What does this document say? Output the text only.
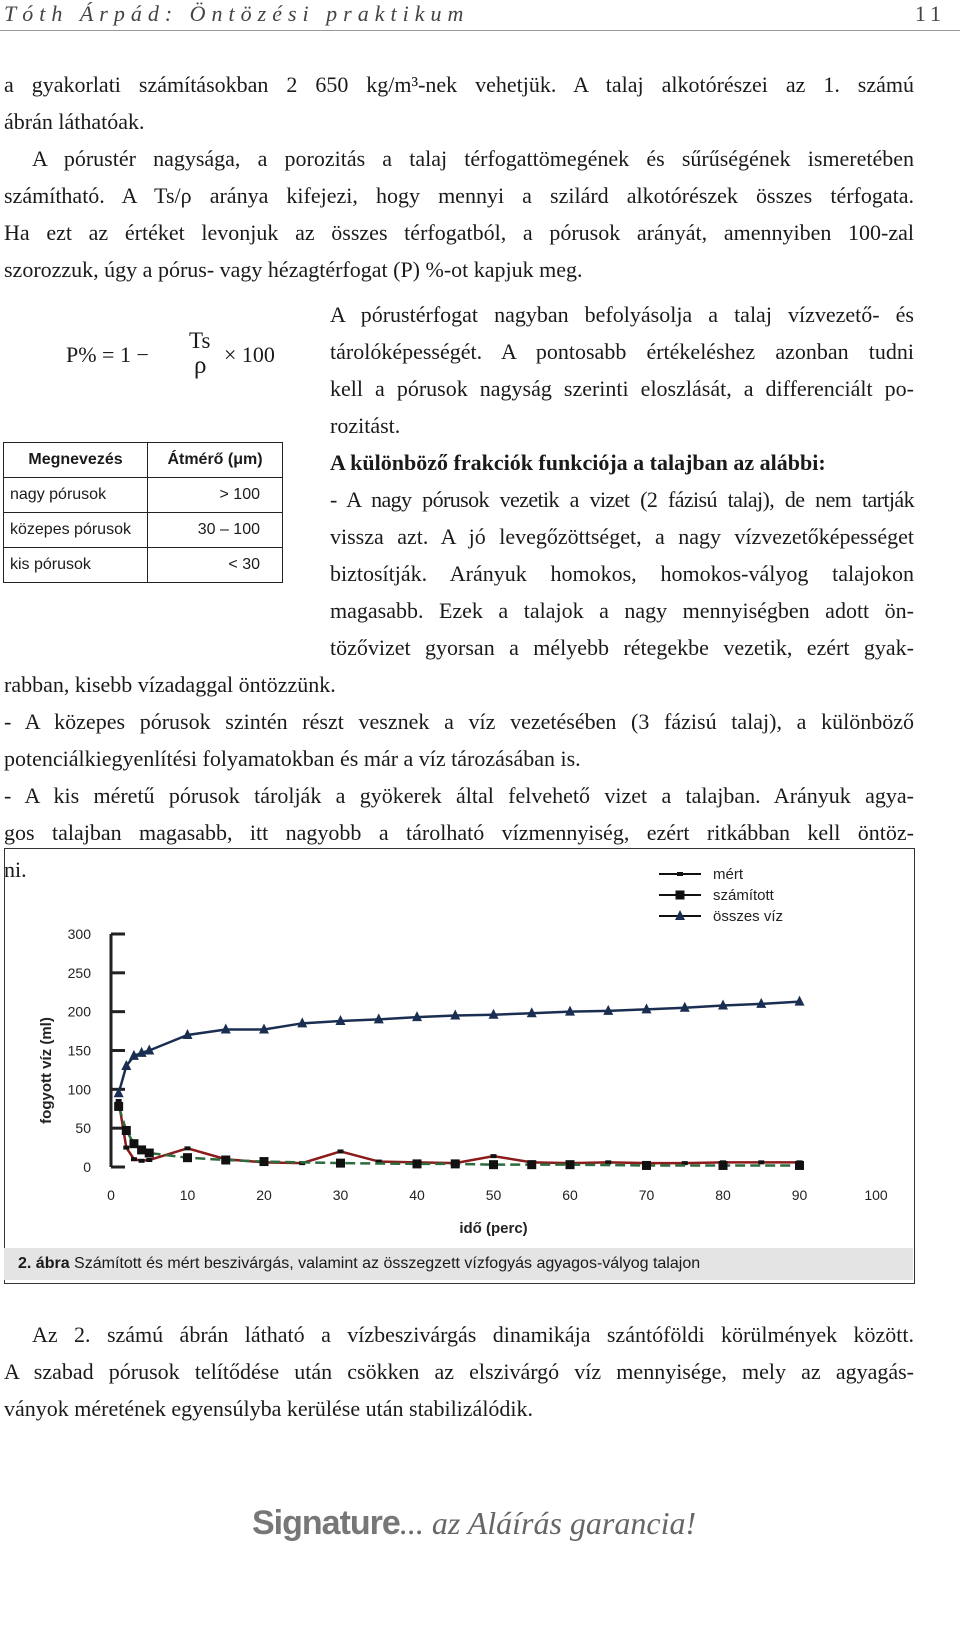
Tóth Árpád: Öntözési praktikum	11

a gyakorlati számításokban 2 650 kg/m³-nek vehetjük. A talaj alkotórészei az 1. számú

ábrán láthatóak.

A pórustér nagysága, a porozitás a talaj térfogattömegének és sűrűségének ismeretében

számítható. A Ts/ρ aránya kifejezi, hogy mennyi a szilárd alkotórészek összes térfogata.

Ha ezt az értéket levonjuk az összes térfogatból, a pórusok arányát, amennyiben 100-zal

szorozzuk, úgy a pórus- vagy hézagtérfogat (P) %-ot kapjuk meg.

P% = 1 −
Ts
ρ × 100
Megnevezés	Átmérő (μm)
nagy pórusok	> 100
közepes pórusok	30 – 100
kis pórusok	< 30

A pórustérfogat nagyban befolyásolja a talaj vízvezető- és

tárolóképességét. A pontosabb értékeléshez azonban tudni

kell a pórusok nagyság szerinti eloszlását, a differenciált po-

rozitást.

A különböző frakciók funkciója a talajban az alábbi:

- A nagy pórusok vezetik a vizet (2 fázisú talaj), de nem tartják

vissza azt. A jó levegőzöttséget, a nagy vízvezetőképességet

biztosítják. Arányuk homokos, homokos-vályog talajokon

magasabb. Ezek a talajok a nagy mennyiségben adott ön-

tözővizet gyorsan a mélyebb rétegekbe vezetik, ezért gyak-

rabban, kisebb vízadaggal öntözzünk.

- A közepes pórusok szintén részt vesznek a víz vezetésében (3 fázisú talaj), a különböző

potenciálkiegyenlítési folyamatokban és már a víz tározásában is.

- A kis méretű pórusok tárolják a gyökerek által felvehető vizet a talajban. Arányuk agya-

gos talajban magasabb, itt nagyobb a tárolható vízmennyiség, ezért ritkábban kell öntöz-

ni.

0
50
100
150
200
250
300
0	10	20	30	40	50	60	70	80	90	100
idő (perc)
fogyott víz (ml)
mért
számított
összes víz
2. ábra Számított és mért beszivárgás, valamint az összegzett vízfogyás agyagos-vályog talajon

Az 2. számú ábrán látható a vízbeszivárgás dinamikája szántóföldi körülmények között.

A szabad pórusok telítődése után csökken az elszivárgó víz mennyisége, mely az agyagás-

ványok méretének egyensúlyba kerülése után stabilizálódik.

Signature... az Aláírás garancia!
